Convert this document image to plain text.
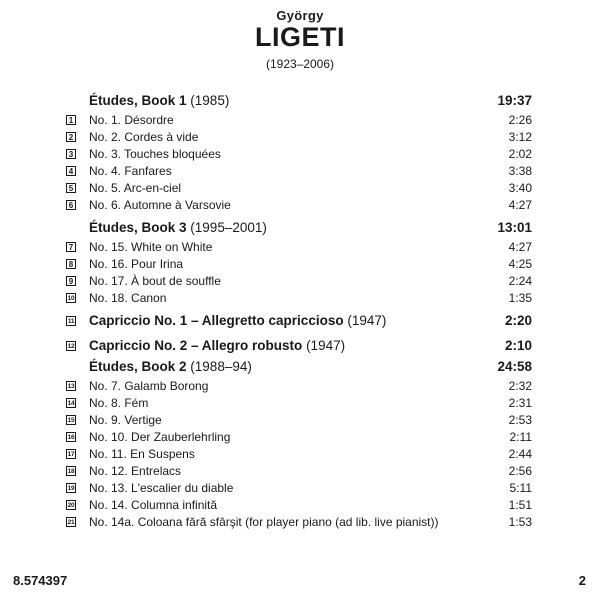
György
LIGETI
(1923–2006)
Études, Book 1 (1985)	19:37
1 No. 1. Désordre	2:26
2 No. 2. Cordes à vide	3:12
3 No. 3. Touches bloquées	2:02
4 No. 4. Fanfares	3:38
5 No. 5. Arc-en-ciel	3:40
6 No. 6. Automne à Varsovie	4:27
Études, Book 3 (1995–2001)	13:01
7 No. 15. White on White	4:27
8 No. 16. Pour Irina	4:25
9 No. 17. À bout de souffle	2:24
10 No. 18. Canon	1:35
11 Capriccio No. 1 – Allegretto capriccioso (1947)	2:20
12 Capriccio No. 2 – Allegro robusto (1947)	2:10
Études, Book 2 (1988–94)	24:58
13 No. 7. Galamb Borong	2:32
14 No. 8. Fém	2:31
15 No. 9. Vertige	2:53
16 No. 10. Der Zauberlehrling	2:11
17 No. 11. En Suspens	2:44
18 No. 12. Entrelacs	2:56
19 No. 13. L'escalier du diable	5:11
20 No. 14. Columna infinită	1:51
21 No. 14a. Coloana fără sfârşit (for player piano (ad lib. live pianist))	1:53
8.574397	2
